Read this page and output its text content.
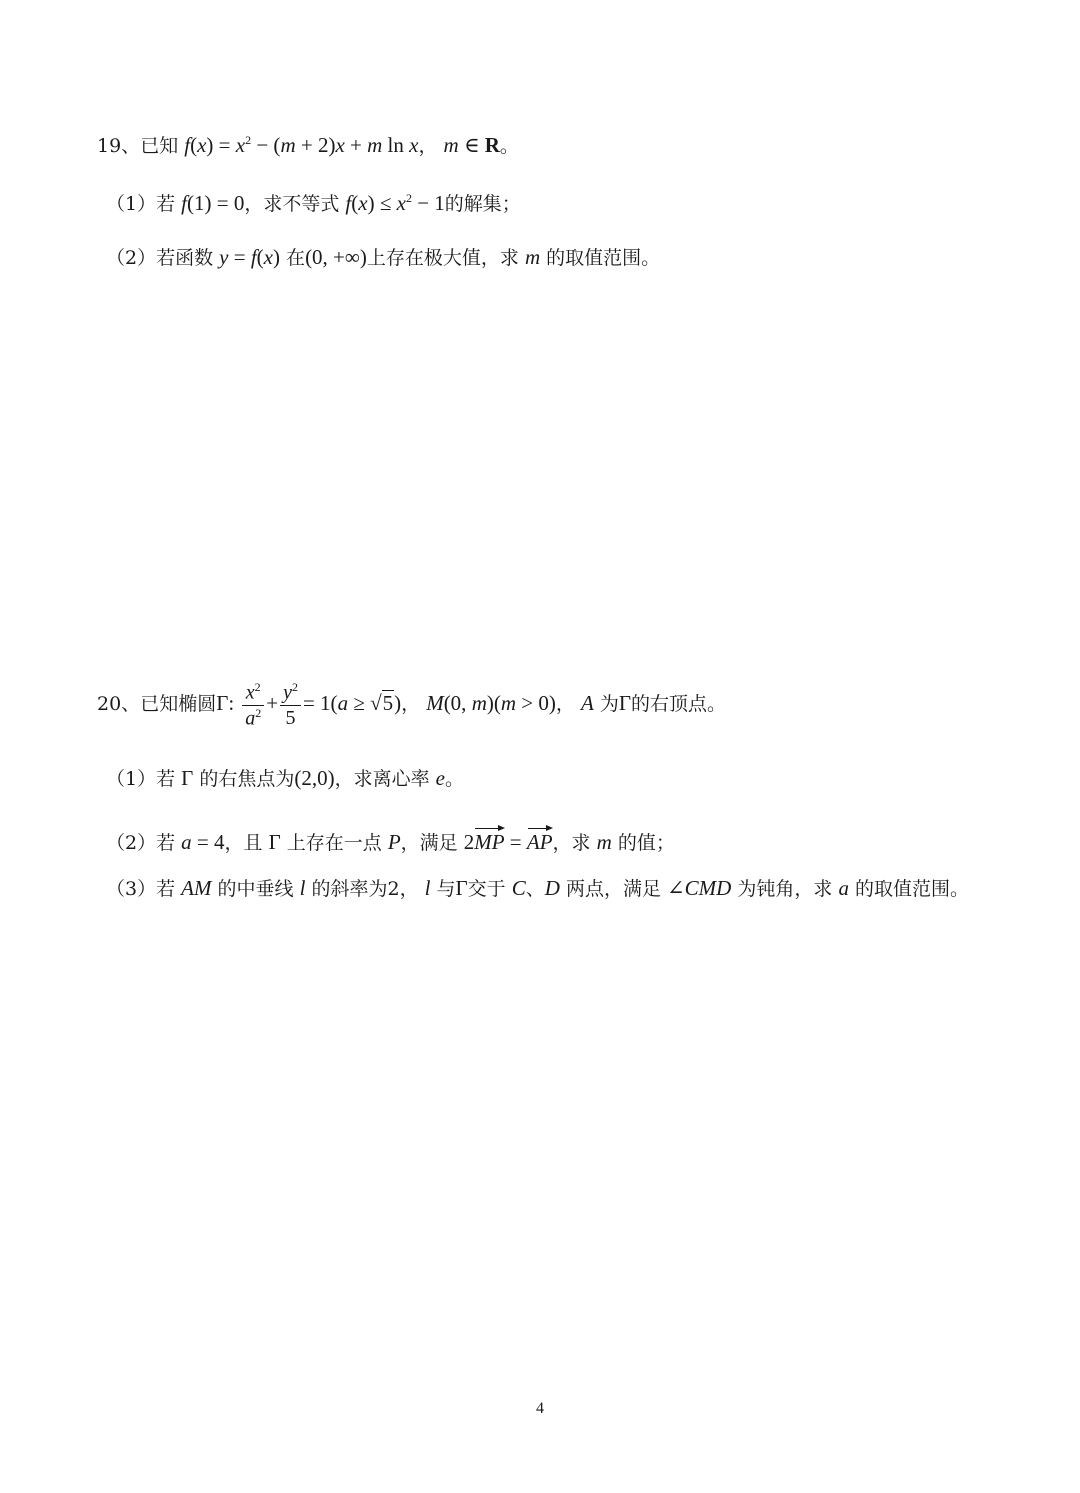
19、已知 $f(x) = x^2 - (m + 2)x + m$ ln x， m ∈ R。
（1）若 f(1) = 0，求不等式 $f(x) \le x^2 - 1$的解集；
（2）若函数 y = f(x) 在(0, +∞)上存在极大值，求 m 的取值范围。
20、已知椭圆Γ: $\frac{x^2}{a^2} + \frac{y^2}{5} = 1(a \ge √5)$， M(0, m)(m > 0)， A 为Γ的右顶点。
（1）若 Γ 的右焦点为(2,0)，求离心率 e。
（2）若 a = 4，且 Γ 上存在一点 P，满足 2MP = AP，求 m 的值；
（3）若 AM 的中垂线 l 的斜率为2， l 与Γ交于 C、D 两点，满足 ∠CMD 为钝角，求 a 的取值范围。
4
